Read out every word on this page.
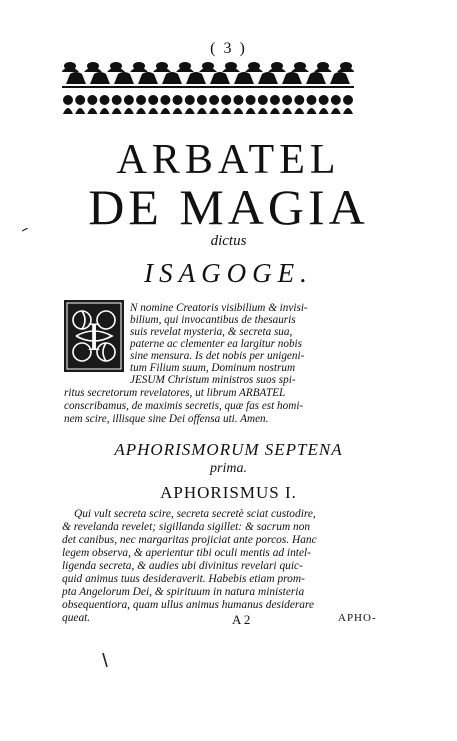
( 3 )
ARBATEL
DE MAGIA
dictus
ISAGOGE.
I
N nomine Creatoris visibilium & invisi-
bilium, qui invocantibus de thesauris
suis revelat mysteria, & secreta sua,
paterne ac clementer ea largitur nobis
sine mensura. Is det nobis per unigeni-
tum Filium suum, Dominum nostrum
JESUM Christum ministros suos spi-
ritus secretorum revelatores, ut librum ARBATEL
conscribamus, de maximis secretis, quæ fas est homi-
nem scire, illisque sine Dei offensa uti. Amen.
APHORISMORUM SEPTENA
prima.
APHORISMUS I.
Qui vult secreta scire, secreta secretè sciat custodire,
& revelanda revelet; sigillanda sigillet: & sacrum non
det canibus, nec margaritas projiciat ante porcos. Hanc
legem observa, & aperientur tibi oculi mentis ad intel-
ligenda secreta, & audies ubi divinitus revelari quic-
quid animus tuus desideraverit. Habebis etiam prom-
pta Angelorum Dei, & spirituum in natura ministeria
obsequentiora, quam ullus animus humanus desiderare
queat.	A 2	APHO-
